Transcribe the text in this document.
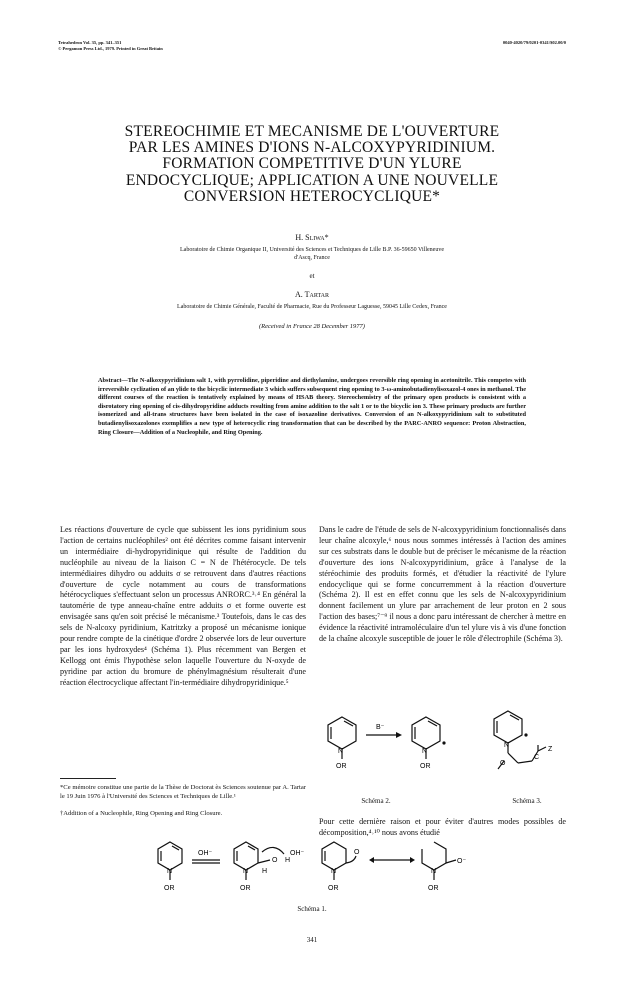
Tetrahedron Vol. 35, pp. 341–351
© Pergamon Press Ltd., 1979. Printed in Great Britain
0040-4020/79/0201-0341/$02.00/0
STEREOCHIMIE ET MECANISME DE L'OUVERTURE
PAR LES AMINES D'IONS N-ALCOXYPYRIDINIUM.
FORMATION COMPETITIVE D'UN YLURE
ENDOCYCLIQUE; APPLICATION A UNE NOUVELLE
CONVERSION HETEROCYCLIQUE*
H. Sliwa*
Laboratoire de Chimie Organique II, Université des Sciences et Techniques de Lille B.P. 36-59650 Villeneuve
d'Ascq, France
et
A. Tartar
Laboratoire de Chimie Générale, Faculté de Pharmacie, Rue du Professeur Laguesse, 59045 Lille Cedex, France
(Received in France 28 December 1977)
Abstract—The N-alkoxypyridinium salt 1, with pyrrolidine, piperidine and diethylamine, undergoes reversible ring opening in acetonitrile. This competes with irreversible cyclization of an ylide to the bicyclic intermediate 3 which suffers subsequent ring opening to 3-ω-aminobutadienylisoxazol-4 ones in methanol. The different courses of the reaction is tentatively explained by means of HSAB theory. Stereochemistry of the primary open products is consistent with a disrotatory ring opening of cis-dihydropyridine adducts resulting from amine addition to the salt 1 or to the bicyclic ion 3. These primary products are further isomerized and all-trans structures have been isolated in the case of isoxazoline derivatives. Conversion of an N-alkoxypyridinium salt to substituted butadienylisoxazolones exemplifies a new type of heterocyclic ring transformation that can be described by the PARC-ANRO sequence: Proton Abstraction, Ring Closure—Addition of a Nucleophile, and Ring Opening.
Les réactions d'ouverture de cycle que subissent les ions pyridinium sous l'action de certains nucléophiles² ont été décrites comme faisant intervenir un intermédiaire di-hydropyridinique qui résulte de l'addition du nucléophile au niveau de la liaison C = N de l'hétérocycle. De tels intermédiaires dihydro ou adduits σ se retrouvent dans d'autres réactions d'ouverture de cycle notamment au cours de transformations hétérocycliques s'effectuant selon un processus ANRORC.³˒⁴ En général la tautomérie de type anneau-chaîne entre adduits σ et forme ouverte est envisagée sans qu'en soit précisé le mécanisme.³ Toutefois, dans le cas des sels de N-alcoxy pyridinium, Katritzky a proposé un mécanisme ionique pour rendre compte de la cinétique d'ordre 2 observée lors de leur ouverture par les ions hydroxydes⁴ (Schéma 1). Plus récemment van Bergen et Kellogg ont émis l'hypothèse selon laquelle l'ouverture du N-oxyde de pyridine par action du bromure de phénylmagnésium résulterait d'une réaction électrocyclique affectant l'in-termédiaire dihydropyridinique.⁵
*Ce mémoire constitue une partie de la Thèse de Doctorat ès Sciences soutenue par A. Tartar le 19 Juin 1976 à l'Université des Sciences et Techniques de Lille.¹
†Addition of a Nucleophile, Ring Opening and Ring Closure.
Dans le cadre de l'étude de sels de N-alcoxypyridinium fonctionnalisés dans leur chaîne alcoxyle,⁶ nous nous sommes intéressés à l'action des amines sur ces substrats dans le double but de préciser le mécanisme de la réaction d'ouverture des ions N-alcoxypyridinium, grâce à l'analyse de la stéréochimie des produits formés, et d'étudier la réactivité de l'ylure endocyclique qui se forme concurremment à la réaction d'ouverture (Schéma 2). Il est en effet connu que les sels de N-alcoxypyridinium donnent facilement un ylure par arrachement de leur proton en 2 sous l'action des bases;⁷⁻⁹ il nous a donc paru intéressant de chercher à mettre en évidence la réactivité intramoléculaire d'un tel ylure vis à vis d'une fonction de la chaîne alcoxyle susceptible de jouer le rôle d'électrophile (Schéma 3).
N
OR
B⁻
N
OR
Schéma 2.
N
O
C
Z
Schéma 3.
Pour cette dernière raison et pour éviter d'autres modes possibles de décomposition,⁴˒¹⁰ nous avons étudié
N
OR
OH⁻
N
OR
H
O H
OH⁻
N
OR
O
N
OR
O⁻
Schéma 1.
341
